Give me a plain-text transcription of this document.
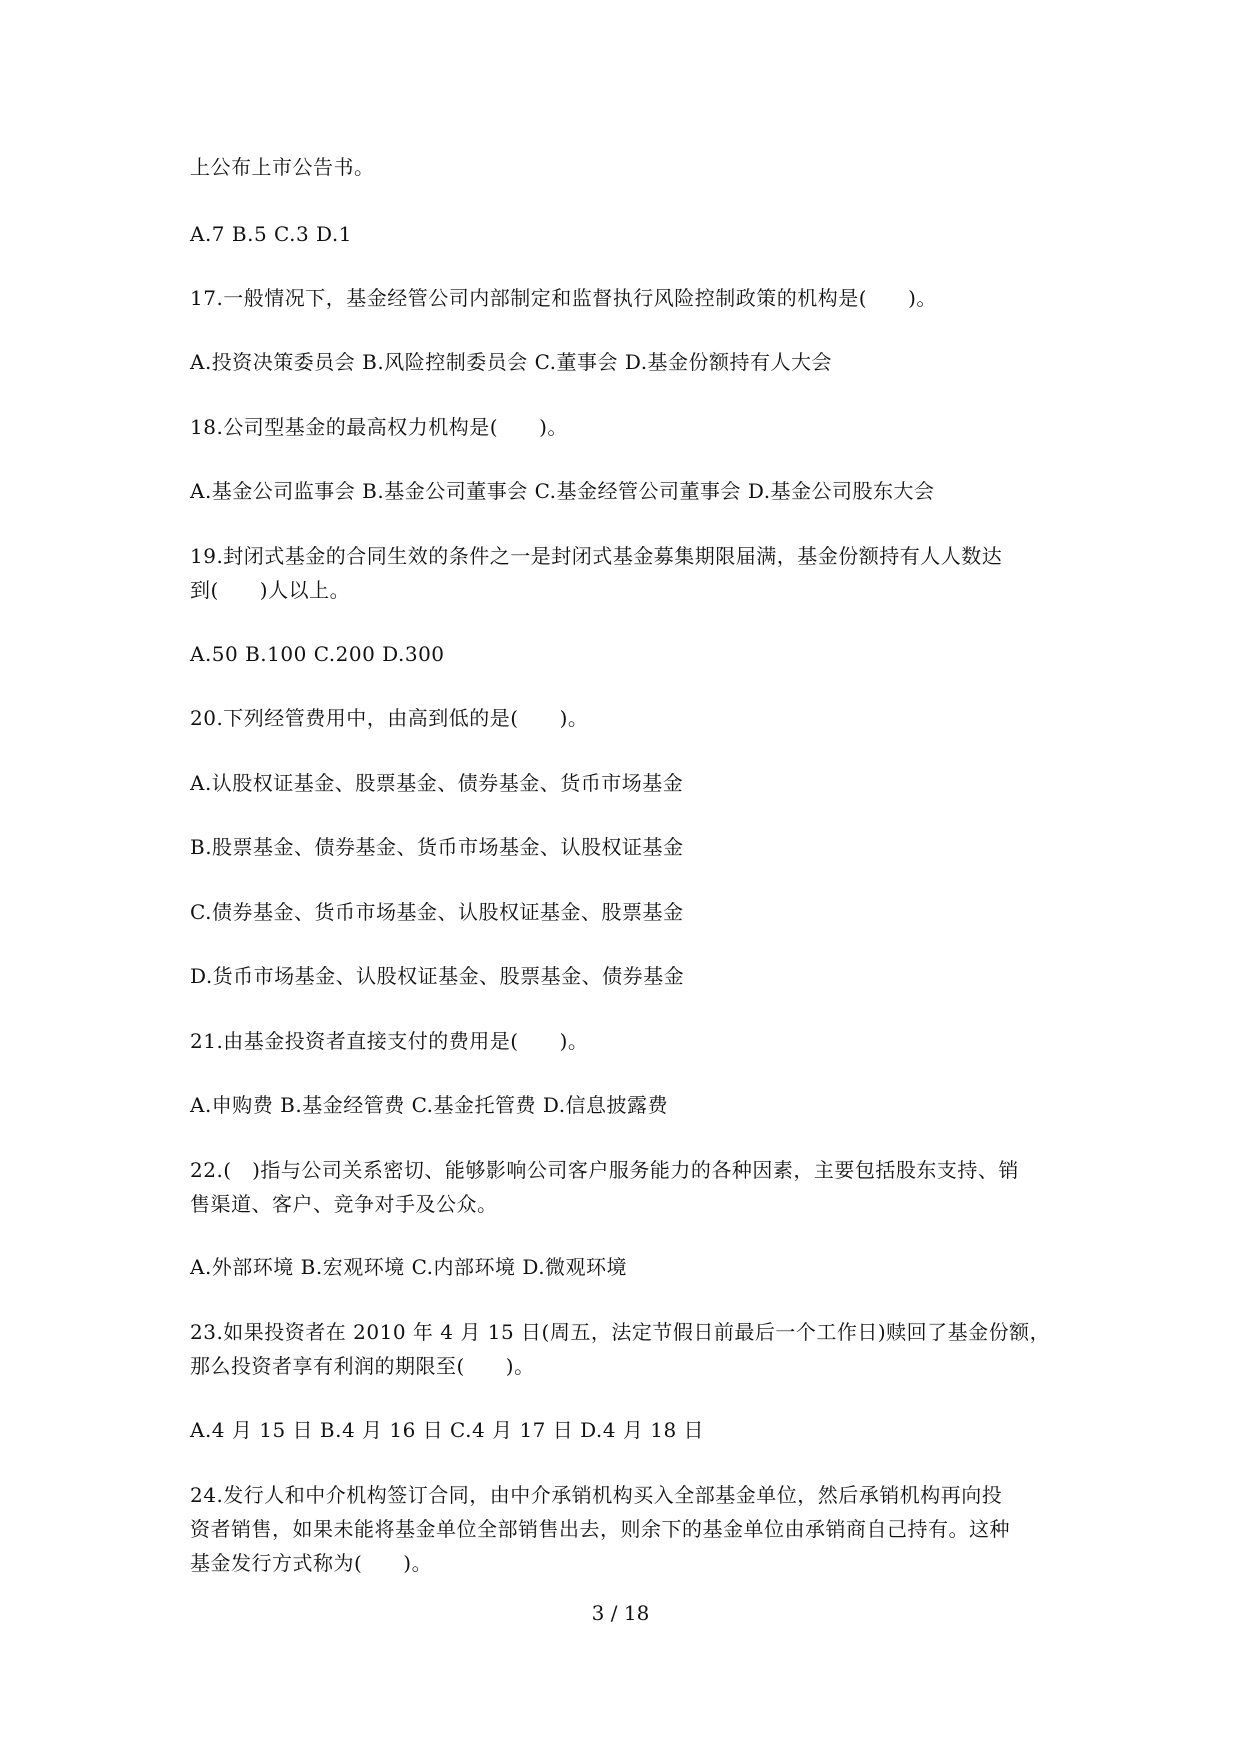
上公布上市公告书。
A.7 B.5 C.3 D.1
17.一般情况下，基金经管公司内部制定和监督执行风险控制政策的机构是(　　)。
A.投资决策委员会 B.风险控制委员会 C.董事会 D.基金份额持有人大会
18.公司型基金的最高权力机构是(　　)。
A.基金公司监事会 B.基金公司董事会 C.基金经管公司董事会 D.基金公司股东大会
19.封闭式基金的合同生效的条件之一是封闭式基金募集期限届满，基金份额持有人人数达
到(　　)人以上。
A.50 B.100 C.200 D.300
20.下列经管费用中，由高到低的是(　　)。
A.认股权证基金、股票基金、债券基金、货币市场基金
B.股票基金、债券基金、货币市场基金、认股权证基金
C.债券基金、货币市场基金、认股权证基金、股票基金
D.货币市场基金、认股权证基金、股票基金、债券基金
21.由基金投资者直接支付的费用是(　　)。
A.申购费 B.基金经管费 C.基金托管费 D.信息披露费
22.(　)指与公司关系密切、能够影响公司客户服务能力的各种因素，主要包括股东支持、销
售渠道、客户、竞争对手及公众。
A.外部环境 B.宏观环境 C.内部环境 D.微观环境
23.如果投资者在 2010 年 4 月 15 日(周五，法定节假日前最后一个工作日)赎回了基金份额，
那么投资者享有利润的期限至(　　)。
A.4 月 15 日 B.4 月 16 日 C.4 月 17 日 D.4 月 18 日
24.发行人和中介机构签订合同，由中介承销机构买入全部基金单位，然后承销机构再向投
资者销售，如果未能将基金单位全部销售出去，则余下的基金单位由承销商自己持有。这种
基金发行方式称为(　　)。
3 / 18
